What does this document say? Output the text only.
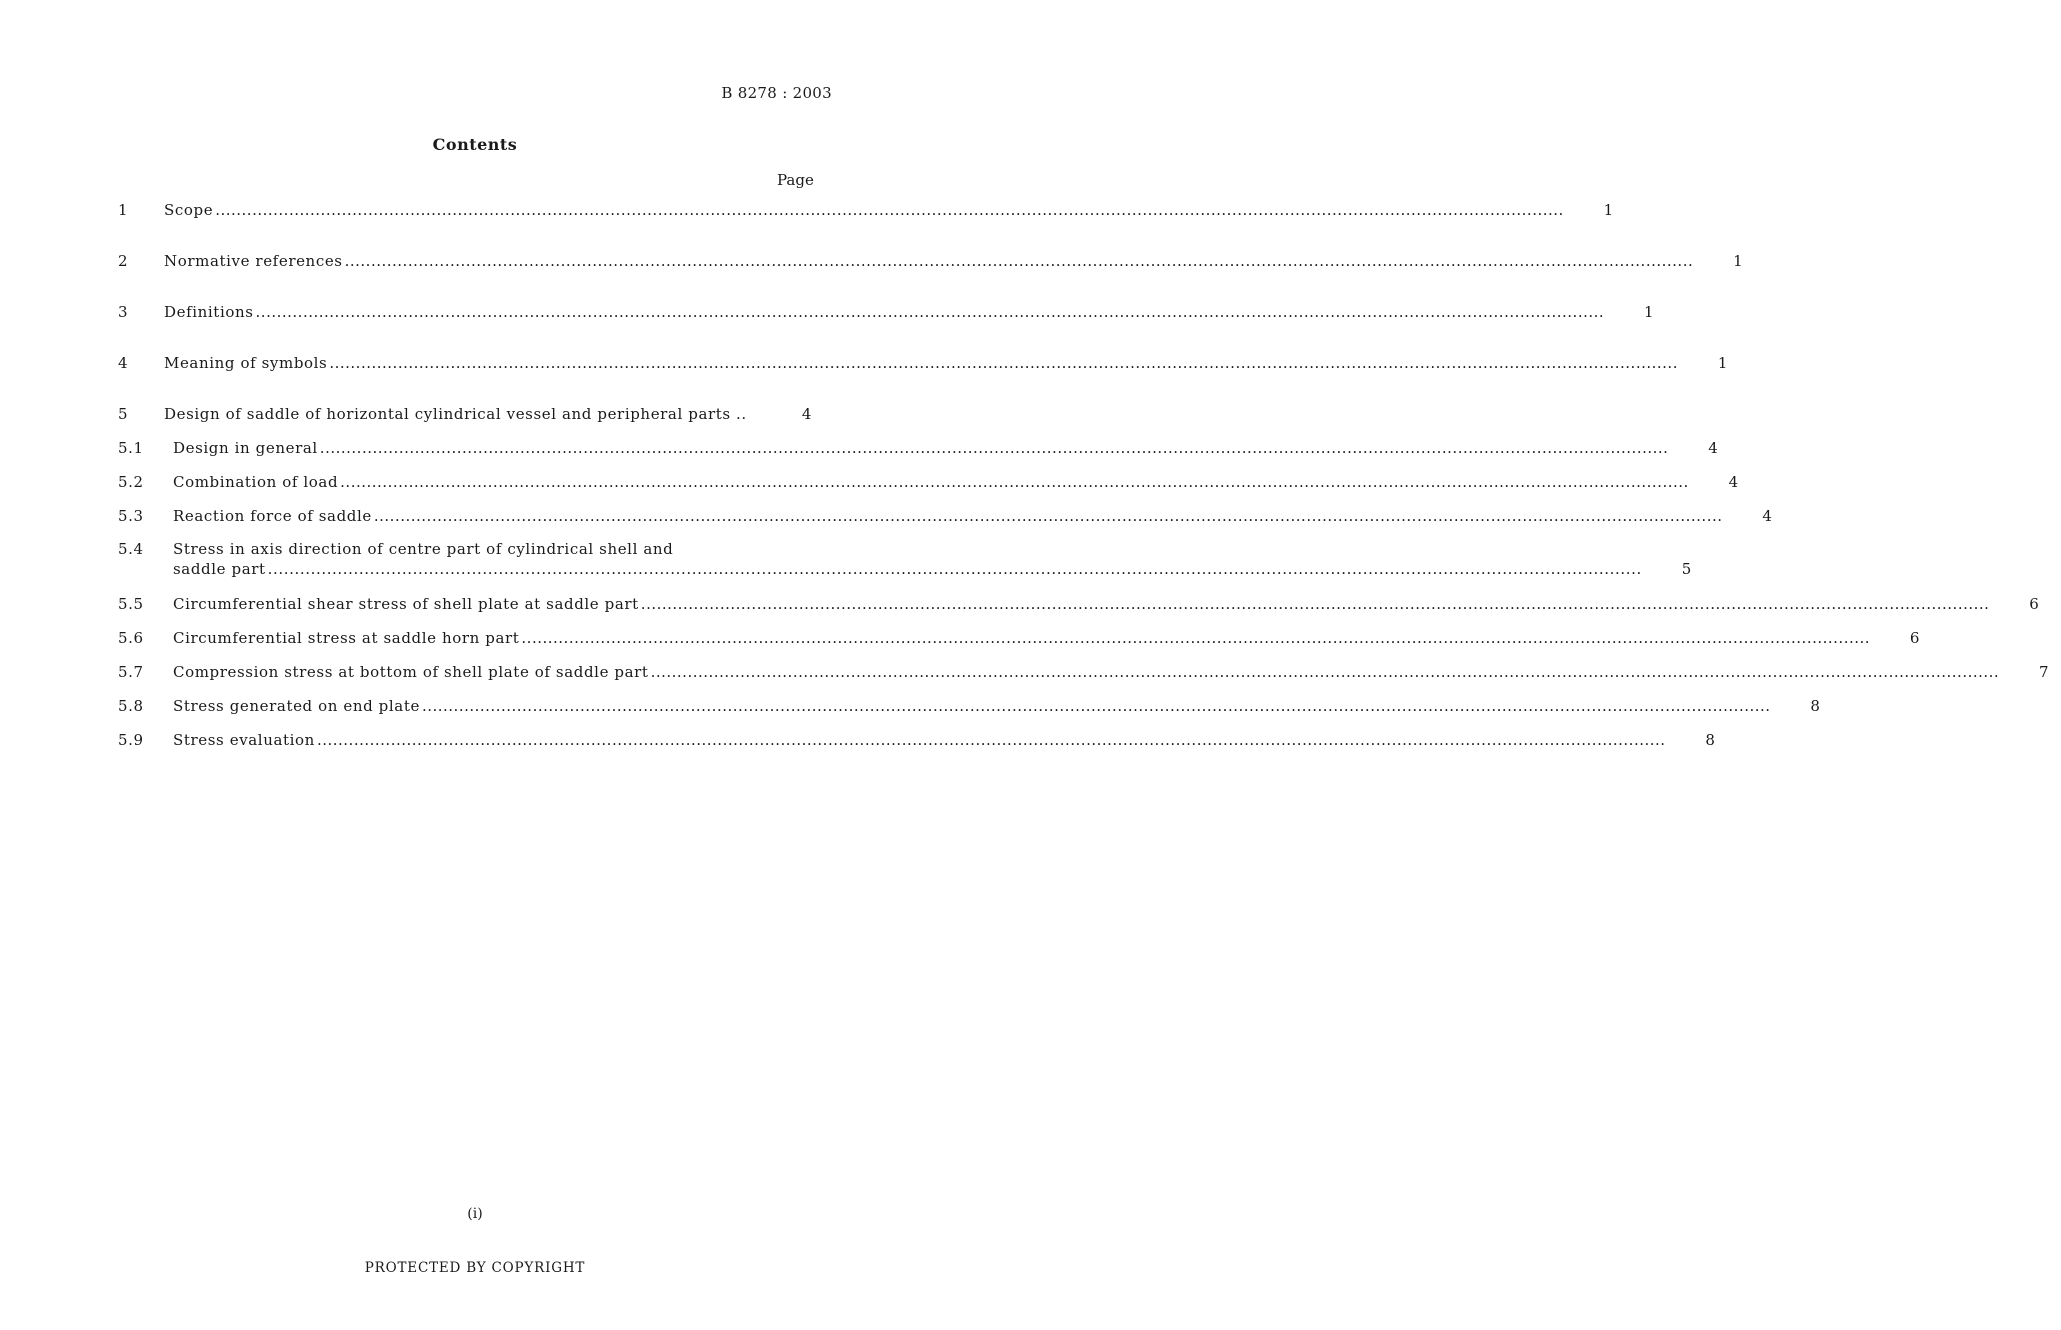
B 8278 : 2003
Contents
Page
1	Scope .....	1
2	Normative references .....	1
3	Definitions .....	1
4	Meaning of symbols .....	1
5	Design of saddle of horizontal cylindrical vessel and peripheral parts ..	4
5.1	Design in general .....	4
5.2	Combination of load .....	4
5.3	Reaction force of saddle .....	4
5.4	Stress in axis direction of centre part of cylindrical shell and
saddle part .....	5
5.5	Circumferential shear stress of shell plate at saddle part .....	6
5.6	Circumferential stress at saddle horn part .....	6
5.7	Compression stress at bottom of shell plate of saddle part .....	7
5.8	Stress generated on end plate .....	8
5.9	Stress evaluation .....	8
(i)
PROTECTED BY COPYRIGHT
